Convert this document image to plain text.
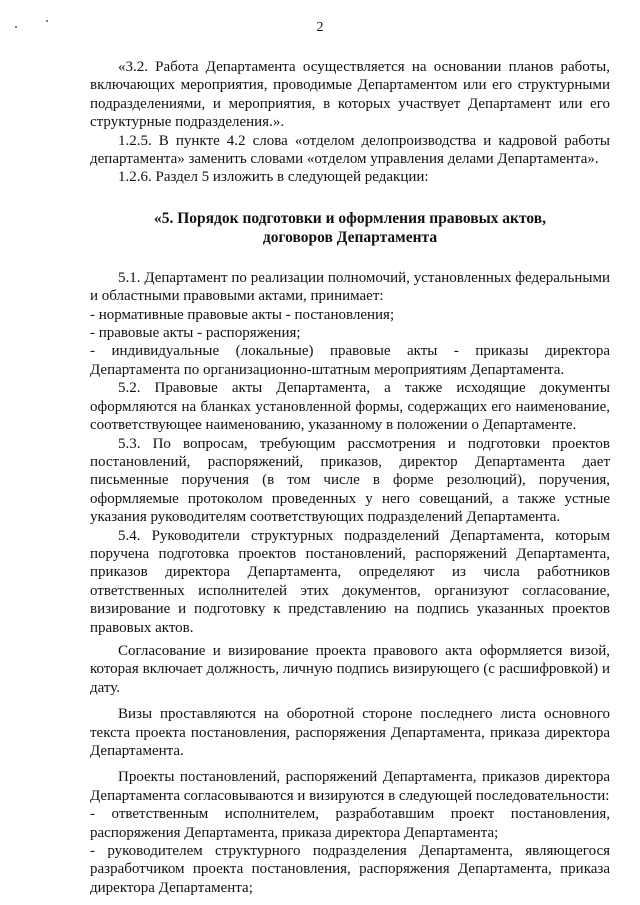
2

«3.2. Работа Департамента осуществляется на основании планов работы, включающих мероприятия, проводимые Департаментом или его структурными подразделениями, и мероприятия, в которых участвует Департамент или его структурные подразделения.».

1.2.5. В пункте 4.2 слова «отделом делопроизводства и кадровой работы департамента» заменить словами «отделом управления делами Департамента».

1.2.6. Раздел 5 изложить в следующей редакции:

«5. Порядок подготовки и оформления правовых актов,
договоров Департамента

5.1. Департамент по реализации полномочий, установленных федеральными и областными правовыми актами, принимает:

- нормативные правовые акты - постановления;

- правовые акты - распоряжения;

- индивидуальные (локальные) правовые акты - приказы директора Департамента по организационно-штатным мероприятиям Департамента.

5.2. Правовые акты Департамента, а также исходящие документы оформляются на бланках установленной формы, содержащих его наименование, соответствующее наименованию, указанному в положении о Департаменте.

5.3. По вопросам, требующим рассмотрения и подготовки проектов постановлений, распоряжений, приказов, директор Департамента дает письменные поручения (в том числе в форме резолюций), поручения, оформляемые протоколом проведенных у него совещаний, а также устные указания руководителям соответствующих подразделений Департамента.

5.4. Руководители структурных подразделений Департамента, которым поручена подготовка проектов постановлений, распоряжений Департамента, приказов директора Департамента, определяют из числа работников ответственных исполнителей этих документов, организуют согласование, визирование и подготовку к представлению на подпись указанных проектов правовых актов.

Согласование и визирование проекта правового акта оформляется визой, которая включает должность, личную подпись визирующего (с расшифровкой) и дату.

Визы проставляются на оборотной стороне последнего листа основного текста проекта постановления, распоряжения Департамента, приказа директора Департамента.

Проекты постановлений, распоряжений Департамента, приказов директора Департамента согласовываются и визируются в следующей последовательности:

- ответственным исполнителем, разработавшим проект постановления, распоряжения Департамента, приказа директора Департамента;

- руководителем структурного подразделения Департамента, являющегося разработчиком проекта постановления, распоряжения Департамента, приказа директора Департамента;
